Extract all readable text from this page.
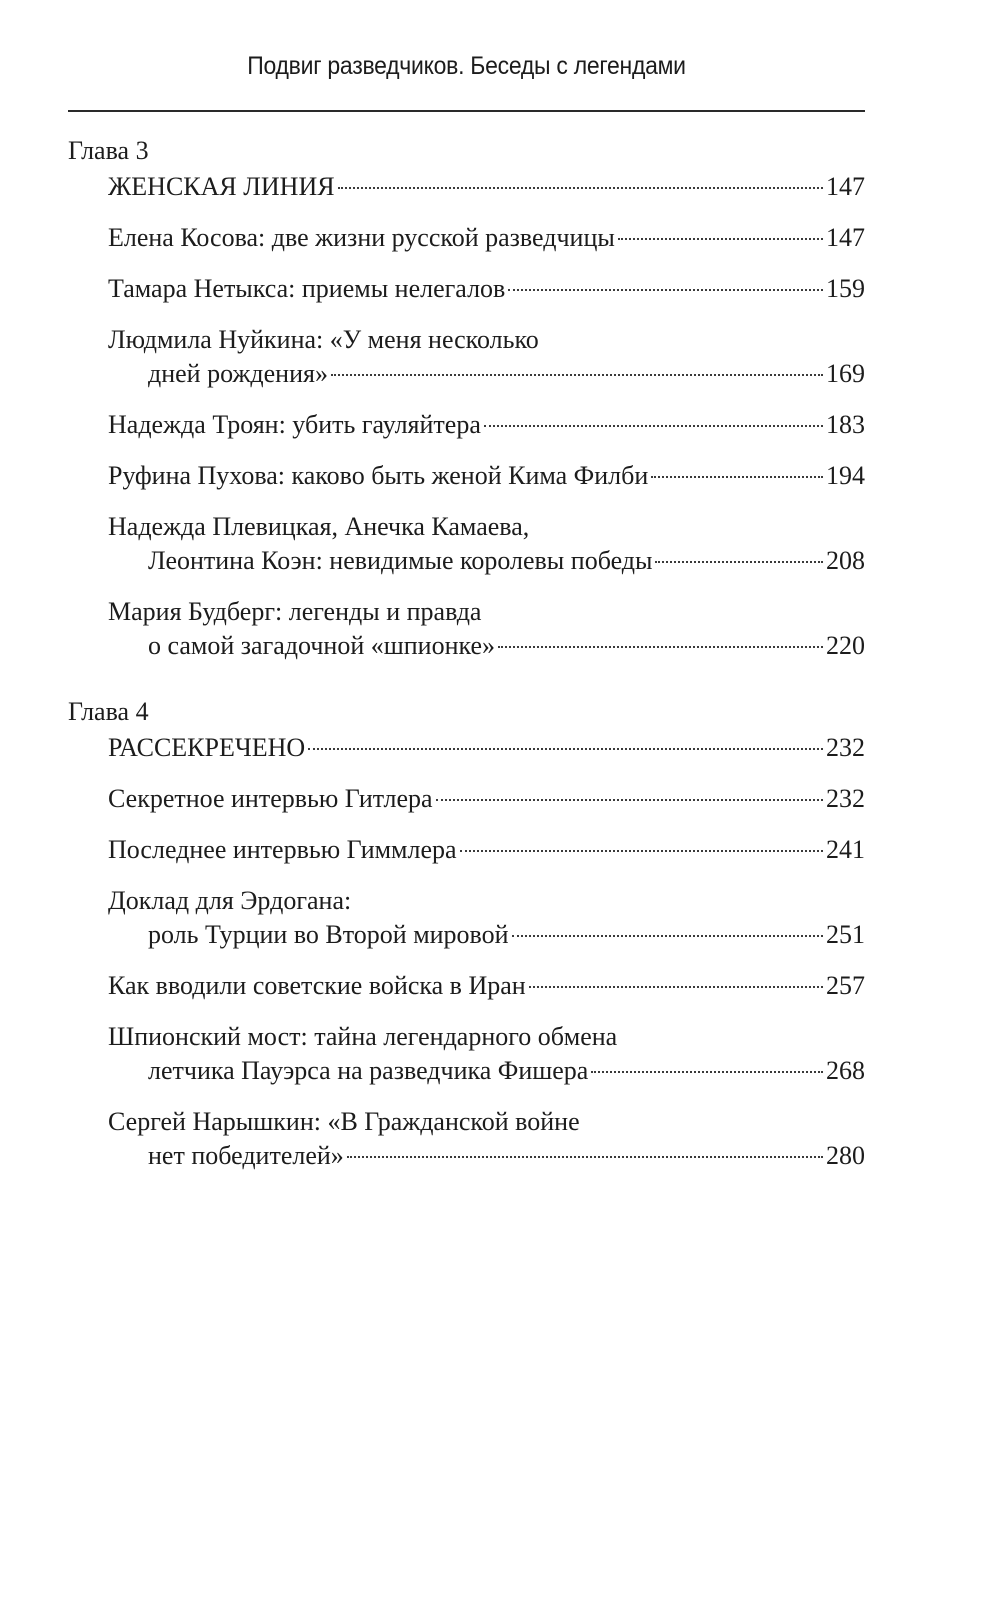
Подвиг разведчиков. Беседы с легендами
Глава 3
ЖЕНСКАЯ ЛИНИЯ	147
Елена Косова: две жизни русской разведчицы	147
Тамара Нетыкса: приемы нелегалов	159
Людмила Нуйкина: «У меня несколько
дней рождения»	169
Надежда Троян: убить гауляйтера	183
Руфина Пухова: каково быть женой Кима Филби	194
Надежда Плевицкая, Анечка Камаева,
Леонтина Коэн: невидимые королевы победы	208
Мария Будберг: легенды и правда
о самой загадочной «шпионке»	220
Глава 4
РАССЕКРЕЧЕНО	232
Секретное интервью Гитлера	232
Последнее интервью Гиммлера	241
Доклад для Эрдогана:
роль Турции во Второй мировой	251
Как вводили советские войска в Иран	257
Шпионский мост: тайна легендарного обмена
летчика Пауэрса на разведчика Фишера	268
Сергей Нарышкин: «В Гражданской войне
нет победителей»	280
